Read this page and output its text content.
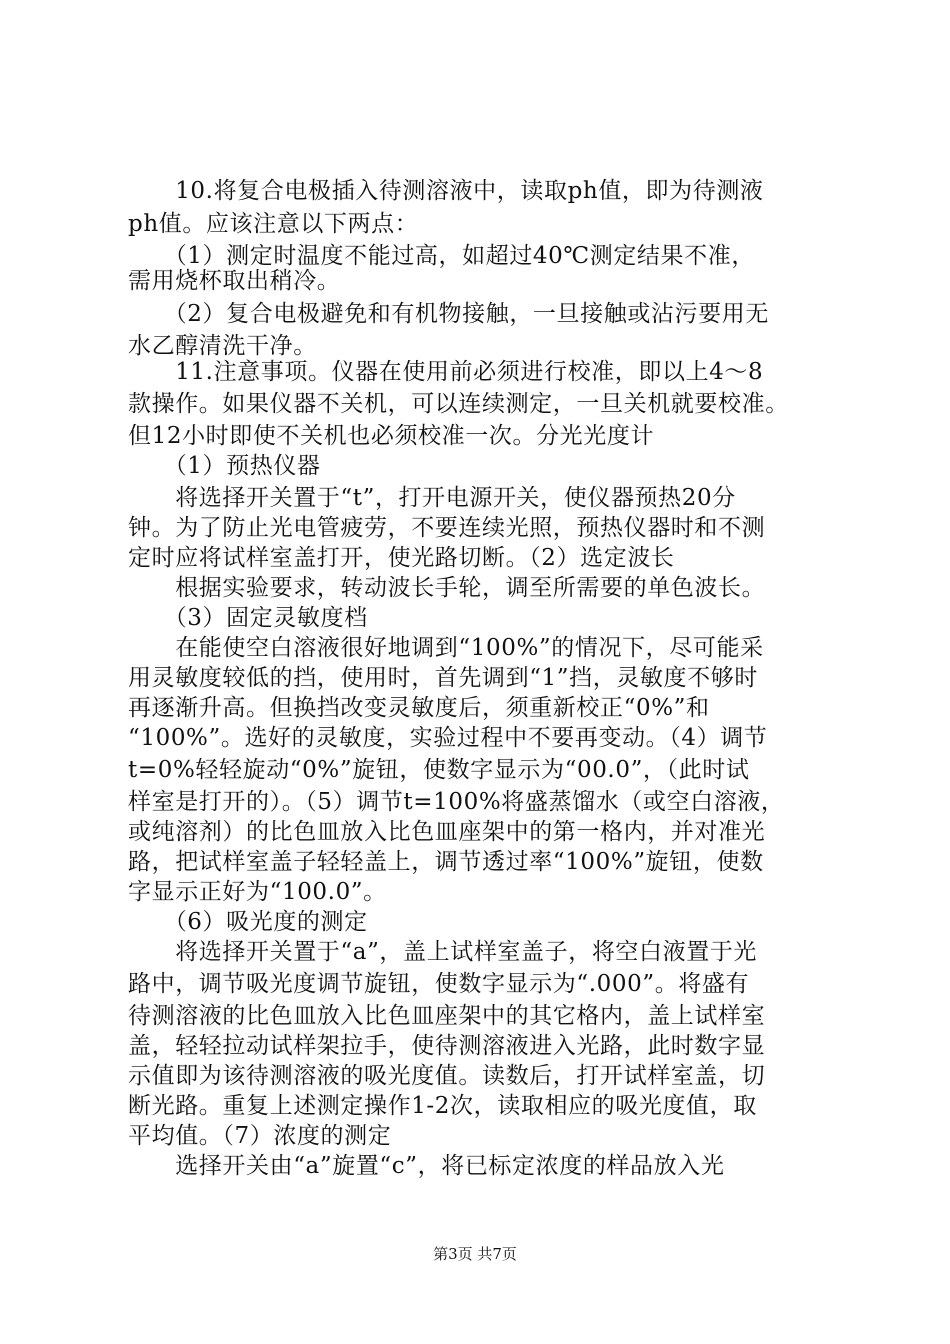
　　10.将复合电极插入待测溶液中，读取ph值，即为待测液
ph值。应该注意以下两点：
　　（1）测定时温度不能过高，如超过40℃测定结果不准，
需用烧杯取出稍冷。
　　（2）复合电极避免和有机物接触，一旦接触或沾污要用无
水乙醇清洗干净。
　　11.注意事项。仪器在使用前必须进行校准，即以上4～8
款操作。如果仪器不关机，可以连续测定，一旦关机就要校准。
但12小时即使不关机也必须校准一次。分光光度计
　　（1）预热仪器
　　将选择开关置于“t”，打开电源开关，使仪器预热20分
钟。为了防止光电管疲劳，不要连续光照，预热仪器时和不测
定时应将试样室盖打开，使光路切断。（2）选定波长
　　根据实验要求，转动波长手轮，调至所需要的单色波长。
　　（3）固定灵敏度档
　　在能使空白溶液很好地调到“100%”的情况下，尽可能采
用灵敏度较低的挡，使用时，首先调到“1”挡，灵敏度不够时
再逐渐升高。但换挡改变灵敏度后，须重新校正“0%”和
“100%”。选好的灵敏度，实验过程中不要再变动。（4）调节
t=0%轻轻旋动“0%”旋钮，使数字显示为“00.0”，（此时试
样室是打开的）。（5）调节t=100%将盛蒸馏水（或空白溶液，
或纯溶剂）的比色皿放入比色皿座架中的第一格内，并对准光
路，把试样室盖子轻轻盖上，调节透过率“100%”旋钮，使数
字显示正好为“100.0”。
　　（6）吸光度的测定
　　将选择开关置于“a”，盖上试样室盖子，将空白液置于光
路中，调节吸光度调节旋钮，使数字显示为“.000”。将盛有
待测溶液的比色皿放入比色皿座架中的其它格内，盖上试样室
盖，轻轻拉动试样架拉手，使待测溶液进入光路，此时数字显
示值即为该待测溶液的吸光度值。读数后，打开试样室盖，切
断光路。重复上述测定操作1-2次，读取相应的吸光度值，取
平均值。（7）浓度的测定
　　选择开关由“a”旋置“c”，将已标定浓度的样品放入光
第3页 共7页
